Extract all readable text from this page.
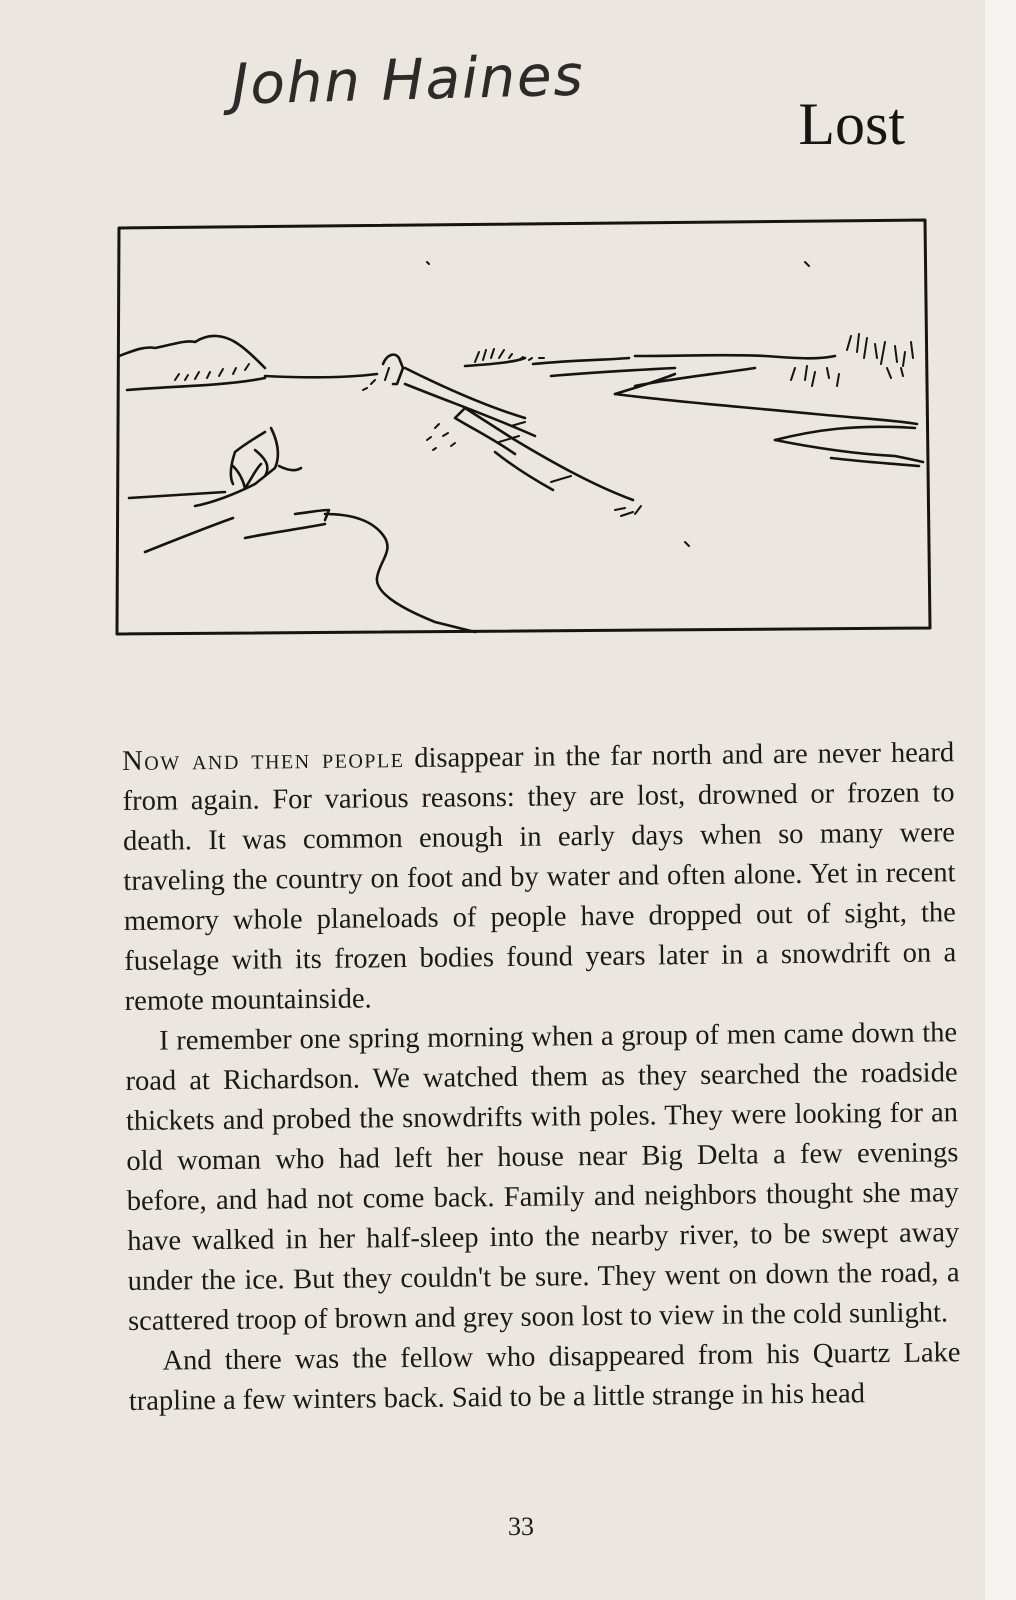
John Haines
Lost

Now and then people disappear in the far north and are never heard from again. For various reasons: they are lost, drowned or frozen to death. It was common enough in early days when so many were traveling the country on foot and by water and often alone. Yet in recent memory whole planeloads of people have dropped out of sight, the fuselage with its frozen bodies found years later in a snowdrift on a remote mountainside.

I remember one spring morning when a group of men came down the road at Richardson. We watched them as they searched the roadside thickets and probed the snowdrifts with poles. They were looking for an old woman who had left her house near Big Delta a few evenings before, and had not come back. Family and neighbors thought she may have walked in her half-sleep into the nearby river, to be swept away under the ice. But they couldn't be sure. They went on down the road, a scattered troop of brown and grey soon lost to view in the cold sunlight.

And there was the fellow who disappeared from his Quartz Lake trapline a few winters back. Said to be a little strange in his head

33
